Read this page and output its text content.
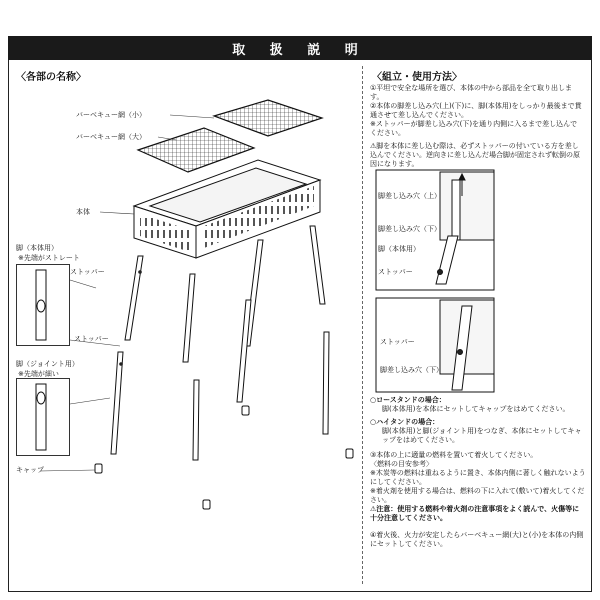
取 扱 説 明
〈各部の名称〉
バーベキュー網（小）
バーベキュー網（大）
本体
脚（本体用）
※先端がストレート
ストッパー
ストッパー
脚（ジョイント用）
※先端が細い
キャップ
〈組立・使用方法〉

①平坦で安全な場所を選び、本体の中から部品を全て取り出します。

②本体の脚差し込み穴(上)(下)に、脚(本体用)をしっかり最後まで貫通させて差し込んでください。

※ストッパーが脚差し込み穴(下)を通り内側に入るまで差し込んでください。

⚠脚を本体に差し込む際は、必ずストッパーの付いている方を差し込んでください。逆向きに差し込んだ場合脚が固定されず転倒の原因になります。

脚差し込み穴（上）
脚差し込み穴（下）
脚（本体用）
ストッパー
ストッパー
脚差し込み穴（下）

○ロースタンドの場合：

脚(本体用)を本体にセットしてキャップをはめてください。

○ハイタンドの場合：

脚(本体用)と脚(ジョイント用)をつなぎ、本体にセットしてキャップをはめてください。

③本体の上に適量の燃料を置いて着火してください。

〈燃料の目安参考〉

※木炭等の燃料は重ねるように置き、本体内側に著しく触れないようにしてください。

※着火剤を使用する場合は、燃料の下に入れて(敷いて)着火してください。

⚠注意：使用する燃料や着火剤の注意事項をよく読んで、火傷等に十分注意してください。

④着火後、火力が安定したらバーベキュー網(大)と(小)を本体の内側にセットしてください。
